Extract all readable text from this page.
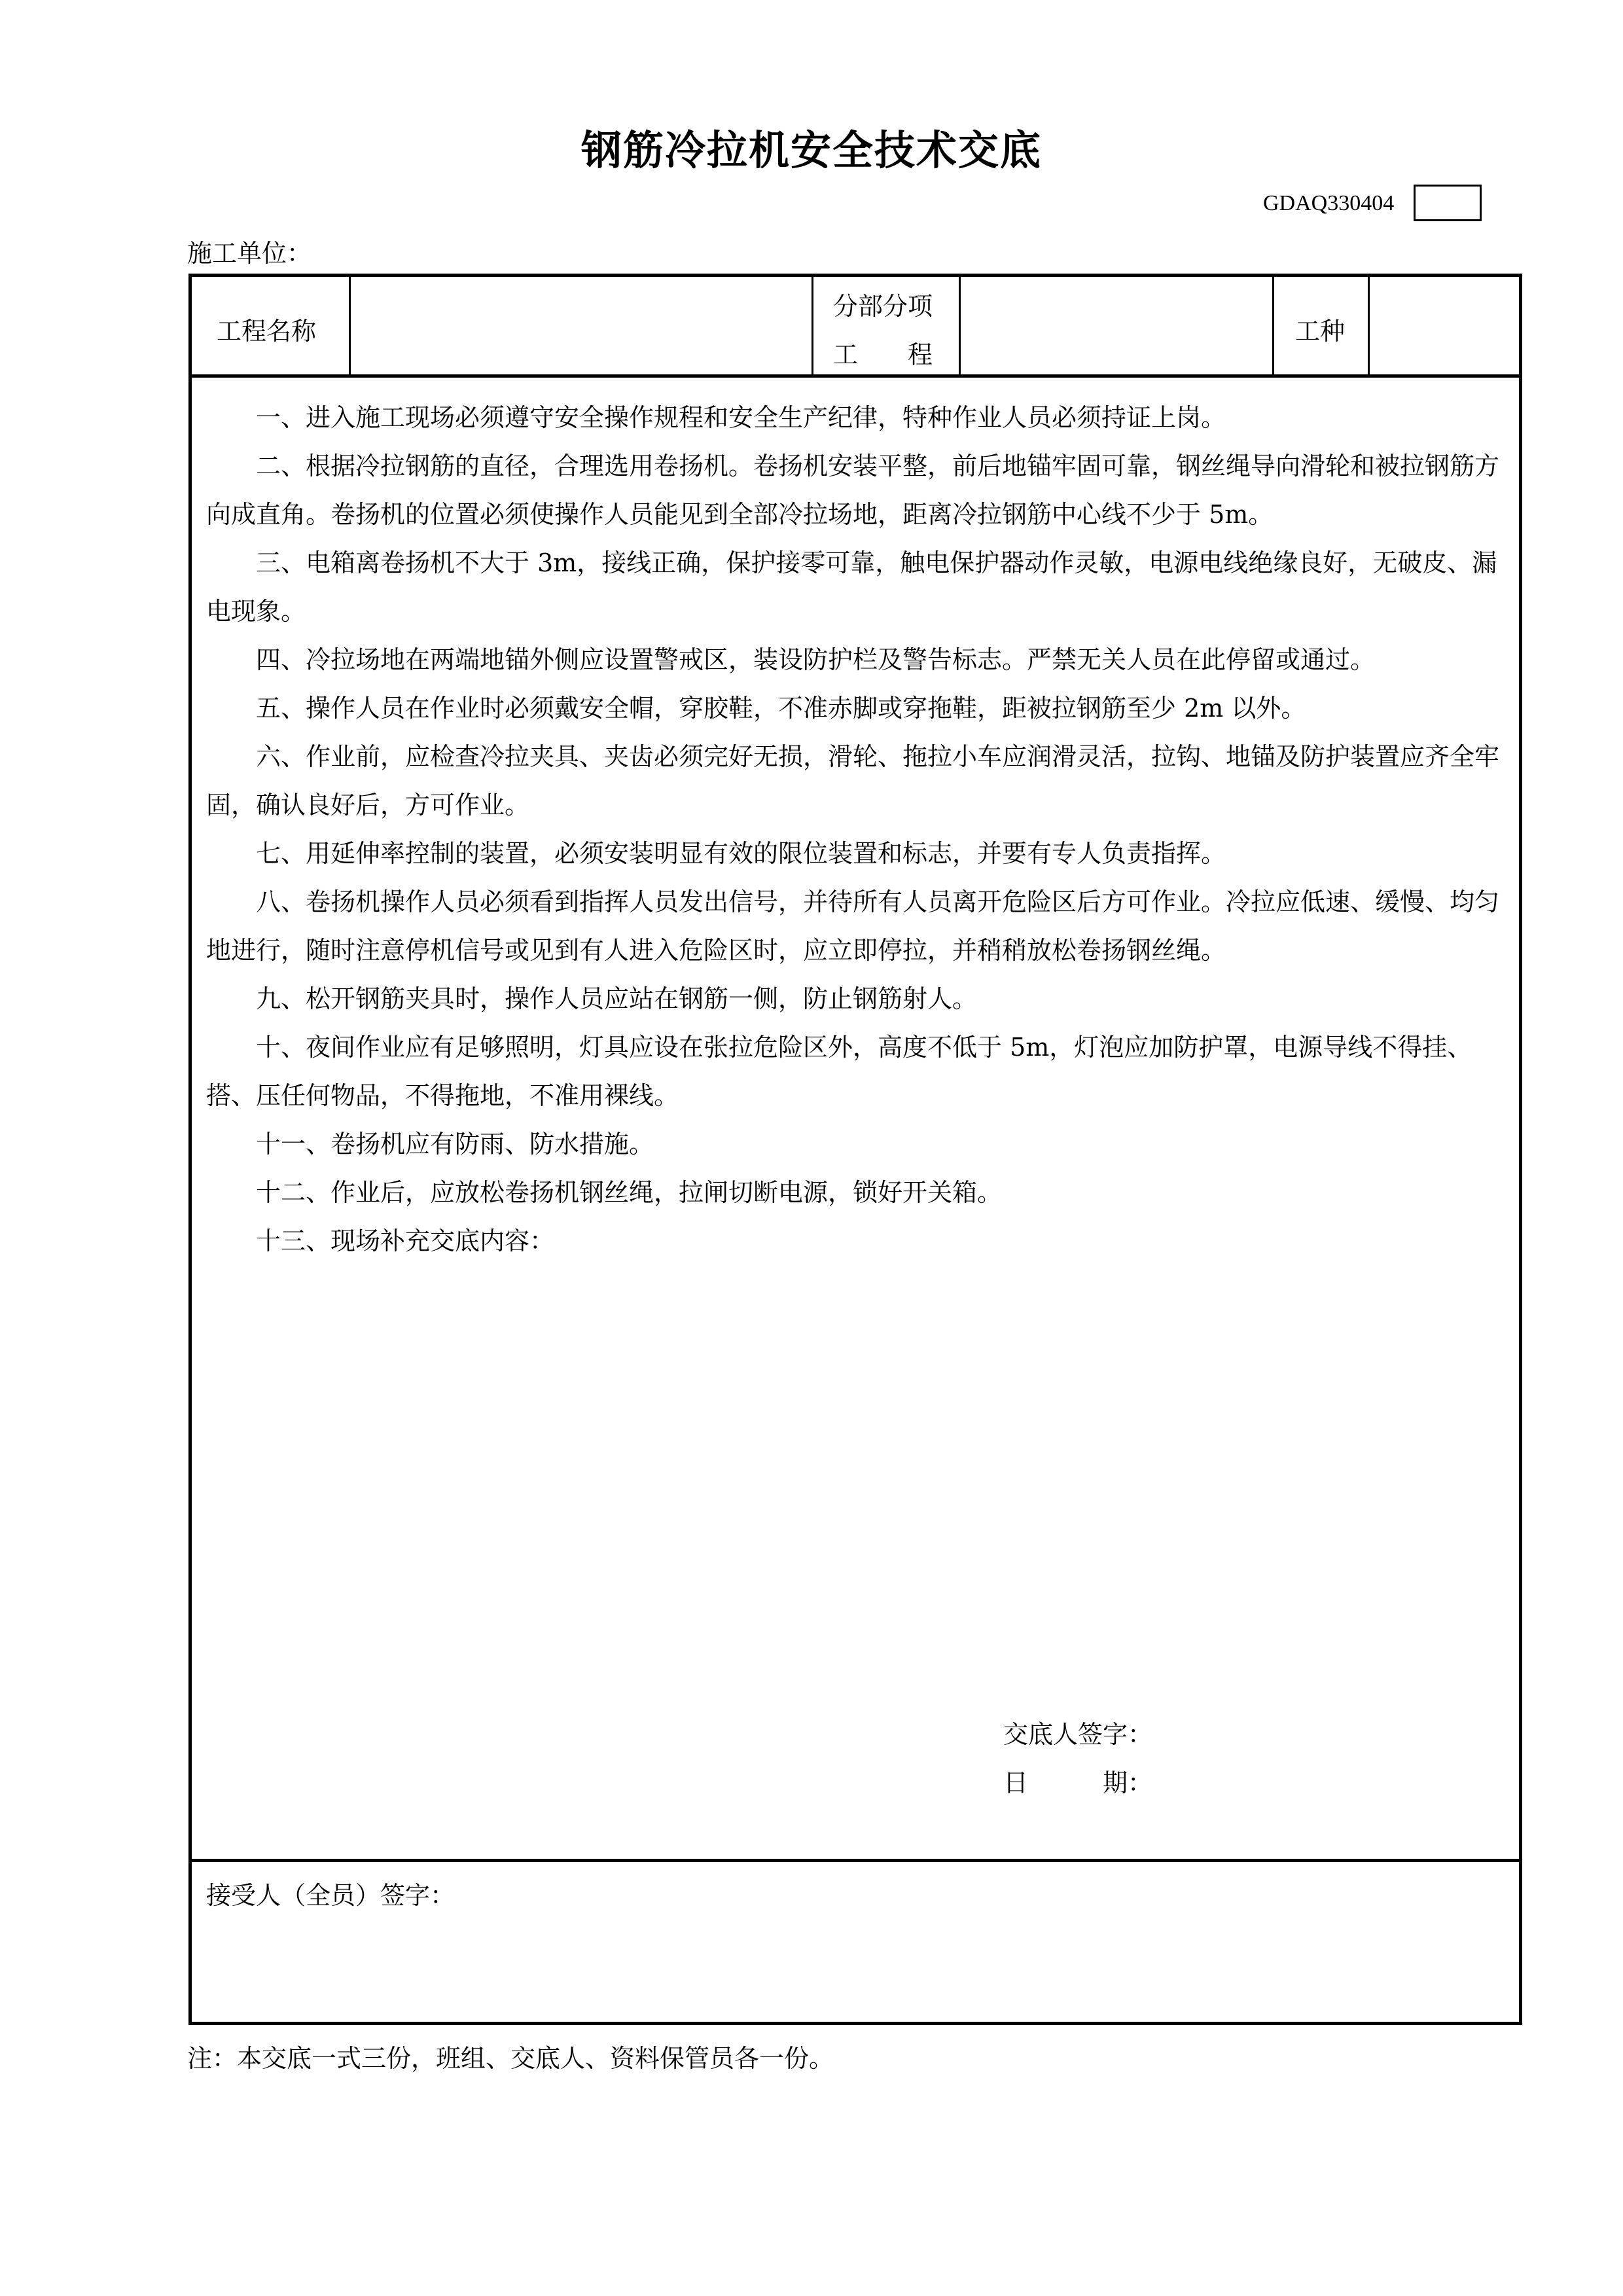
钢筋冷拉机安全技术交底
GDAQ330404
施工单位：
工程名称
分部分项
工　　程
工种
一、进入施工现场必须遵守安全操作规程和安全生产纪律，特种作业人员必须持证上岗。
二、根据冷拉钢筋的直径，合理选用卷扬机。卷扬机安装平整，前后地锚牢固可靠，钢丝绳导向滑轮和被拉钢筋方向成直角。卷扬机的位置必须使操作人员能见到全部冷拉场地，距离冷拉钢筋中心线不少于 5m。
三、电箱离卷扬机不大于 3m，接线正确，保护接零可靠，触电保护器动作灵敏，电源电线绝缘良好，无破皮、漏电现象。
四、冷拉场地在两端地锚外侧应设置警戒区，装设防护栏及警告标志。严禁无关人员在此停留或通过。
五、操作人员在作业时必须戴安全帽，穿胶鞋，不准赤脚或穿拖鞋，距被拉钢筋至少 2m 以外。
六、作业前，应检查冷拉夹具、夹齿必须完好无损，滑轮、拖拉小车应润滑灵活，拉钩、地锚及防护装置应齐全牢固，确认良好后，方可作业。
七、用延伸率控制的装置，必须安装明显有效的限位装置和标志，并要有专人负责指挥。
八、卷扬机操作人员必须看到指挥人员发出信号，并待所有人员离开危险区后方可作业。冷拉应低速、缓慢、均匀地进行，随时注意停机信号或见到有人进入危险区时，应立即停拉，并稍稍放松卷扬钢丝绳。
九、松开钢筋夹具时，操作人员应站在钢筋一侧，防止钢筋射人。
十、夜间作业应有足够照明，灯具应设在张拉危险区外，高度不低于 5m，灯泡应加防护罩，电源导线不得挂、搭、压任何物品，不得拖地，不准用裸线。
十一、卷扬机应有防雨、防水措施。
十二、作业后，应放松卷扬机钢丝绳，拉闸切断电源，锁好开关箱。
十三、现场补充交底内容：
交底人签字：
日　　　期：
接受人（全员）签字：
注：本交底一式三份，班组、交底人、资料保管员各一份。
